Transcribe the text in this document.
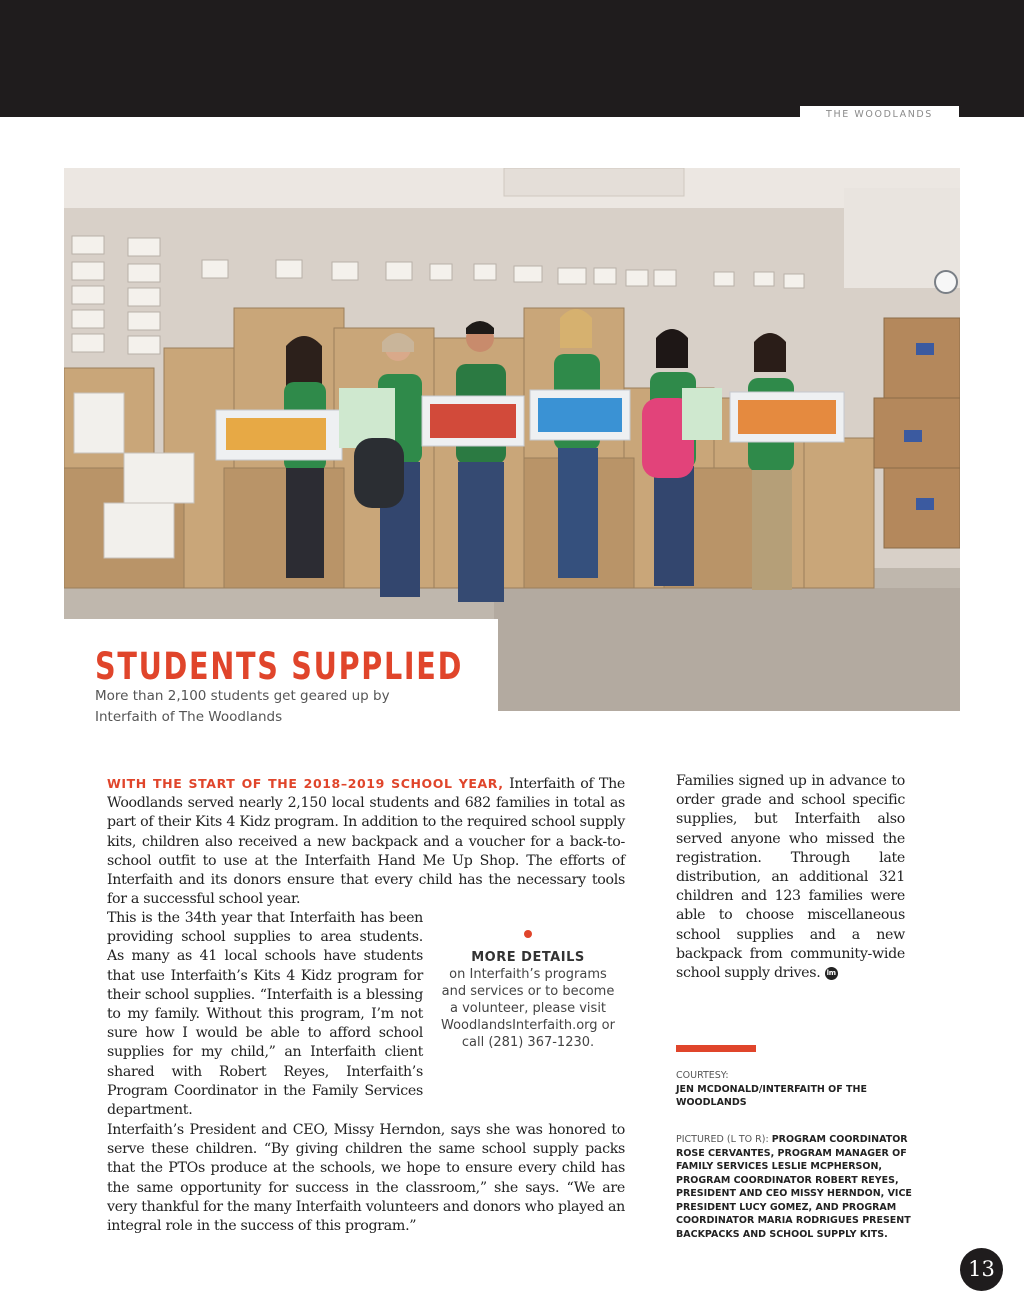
THE WOODLANDS
STUDENTS SUPPLIED

More than 2,100 students get geared up by Interfaith of The Woodlands

WITH THE START OF THE 2018–2019 SCHOOL YEAR, Interfaith of The Woodlands served nearly 2,150 local students and 682 families in total as part of their Kits 4 Kidz program. In addition to the required school supply kits, children also received a new backpack and a voucher for a back-to-school outfit to use at the Interfaith Hand Me Up Shop. The efforts of Interfaith and its donors ensure that every child has the necessary tools for a successful school year.

This is the 34th year that Interfaith has been providing school supplies to area students. As many as 41 local schools have students that use Interfaith’s Kits 4 Kidz program for their school supplies. “Interfaith is a blessing to my family. Without this program, I’m not sure how I would be able to afford school supplies for my child,” an Interfaith client shared with Robert Reyes, Interfaith’s Program Coordinator in the Family Services department.

MORE DETAILS
on Interfaith’s programs and services or to become a volunteer, please visit WoodlandsInterfaith.org or call (281) 367-1230.

Interfaith’s President and CEO, Missy Herndon, says she was honored to serve these children. “By giving children the same school supply packs that the PTOs produce at the schools, we hope to ensure every child has the same opportunity for success in the classroom,” she says. “We are very thankful for the many Interfaith volunteers and donors who played an integral role in the success of this program.”

Families signed up in advance to order grade and school specific supplies, but Interfaith also served anyone who missed the registration. Through late distribution, an additional 321 children and 123 families were able to choose miscellaneous school supplies and a new backpack from community-wide school supply drives. lm

COURTESY:
JEN MCDONALD/INTERFAITH OF THE WOODLANDS
PICTURED (L TO R): PROGRAM COORDINATOR ROSE CERVANTES, PROGRAM MANAGER OF FAMILY SERVICES LESLIE MCPHERSON, PROGRAM COORDINATOR ROBERT REYES, PRESIDENT AND CEO MISSY HERNDON, VICE PRESIDENT LUCY GOMEZ, AND PROGRAM COORDINATOR MARIA RODRIGUES PRESENT BACKPACKS AND SCHOOL SUPPLY KITS.
13
